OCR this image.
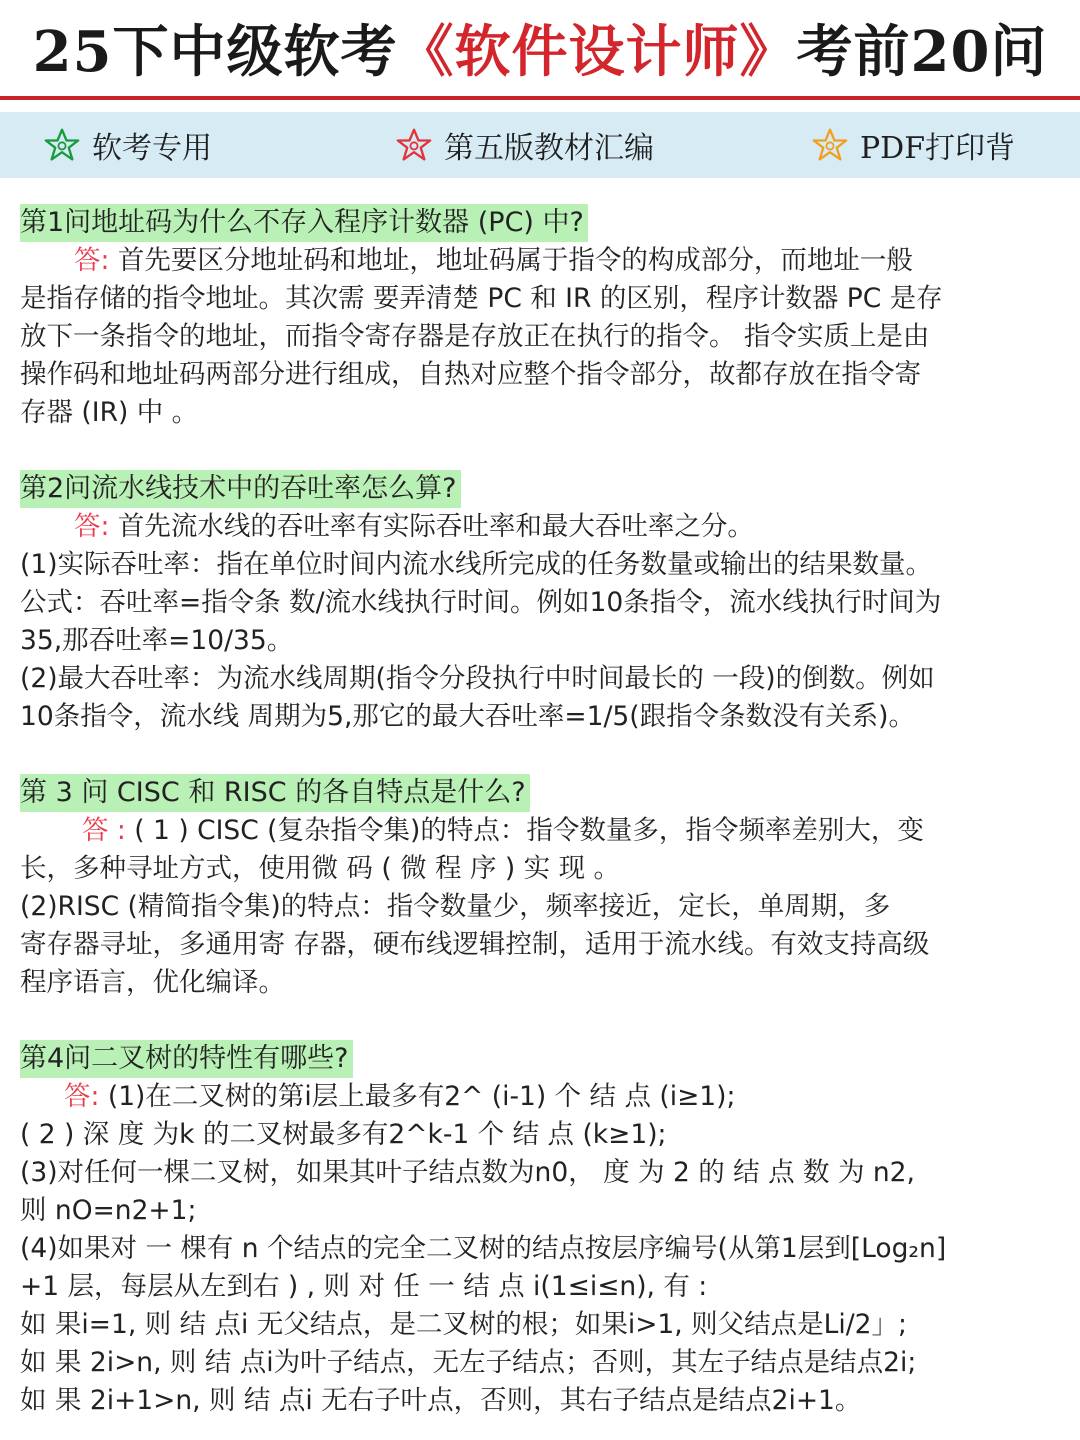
25下中级软考《软件设计师》考前20问
软考专用	第五版教材汇编	PDF打印背
第1问地址码为什么不存入程序计数器 (PC) 中?
答: 首先要区分地址码和地址，地址码属于指令的构成部分，而地址一般
是指存储的指令地址。其次需 要弄清楚 PC 和 IR 的区别，程序计数器 PC 是存
放下一条指令的地址，而指令寄存器是存放正在执行的指令。 指令实质上是由
操作码和地址码两部分进行组成，自热对应整个指令部分，故都存放在指令寄
存器 (IR) 中 。
第2问流水线技术中的吞吐率怎么算?
答: 首先流水线的吞吐率有实际吞吐率和最大吞吐率之分。
(1)实际吞吐率：指在单位时间内流水线所完成的任务数量或输出的结果数量。
公式：吞吐率=指令条 数/流水线执行时间。例如10条指令，流水线执行时间为
35,那吞吐率=10/35。
(2)最大吞吐率：为流水线周期(指令分段执行中时间最长的 一段)的倒数。例如
10条指令，流水线 周期为5,那它的最大吞吐率=1/5(跟指令条数没有关系)。
第 3 问 CISC 和 RISC 的各自特点是什么?
答 : ( 1 ) CISC (复杂指令集)的特点：指令数量多，指令频率差别大，变
长，多种寻址方式，使用微 码 ( 微 程 序 ) 实 现 。
(2)RISC (精简指令集)的特点：指令数量少，频率接近，定长，单周期，多
寄存器寻址，多通用寄 存器，硬布线逻辑控制，适用于流水线。有效支持高级
程序语言，优化编译。
第4问二叉树的特性有哪些?
答: (1)在二叉树的第i层上最多有2^ (i-1) 个 结 点 (i≥1);
( 2 ) 深 度 为k 的二叉树最多有2^k-1 个 结 点 (k≥1);
(3)对任何一棵二叉树，如果其叶子结点数为n0， 度 为 2 的 结 点 数 为 n2,
则 nO=n2+1;
(4)如果对 一 棵有 n 个结点的完全二叉树的结点按层序编号(从第1层到[Log₂n]
+1 层，每层从左到右 ) , 则 对 任 一 结 点 i(1≤i≤n), 有 :
如 果i=1, 则 结 点i 无父结点，是二叉树的根；如果i>1, 则父结点是Li/2」;
如 果 2i>n, 则 结 点i为叶子结点，无左子结点；否则，其左子结点是结点2i;
如 果 2i+1>n, 则 结 点i 无右子叶点，否则，其右子结点是结点2i+1。
